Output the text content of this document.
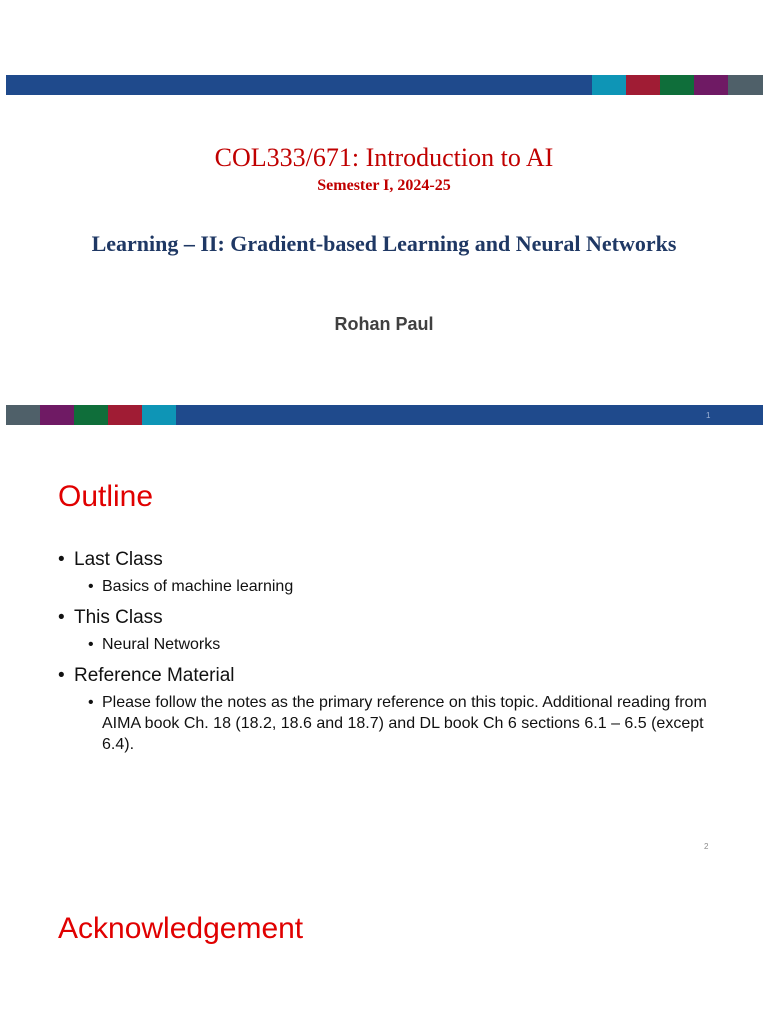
COL333/671: Introduction to AI
Semester I, 2024-25
Learning – II: Gradient-based Learning and Neural Networks
Rohan Paul
1
Outline
• Last Class
• Basics of machine learning
• This Class
• Neural Networks
• Reference Material
• Please follow the notes as the primary reference on this topic. Additional reading from AIMA book Ch. 18 (18.2, 18.6 and 18.7) and DL book Ch 6 sections 6.1 – 6.5 (except 6.4).
2
Acknowledgement
